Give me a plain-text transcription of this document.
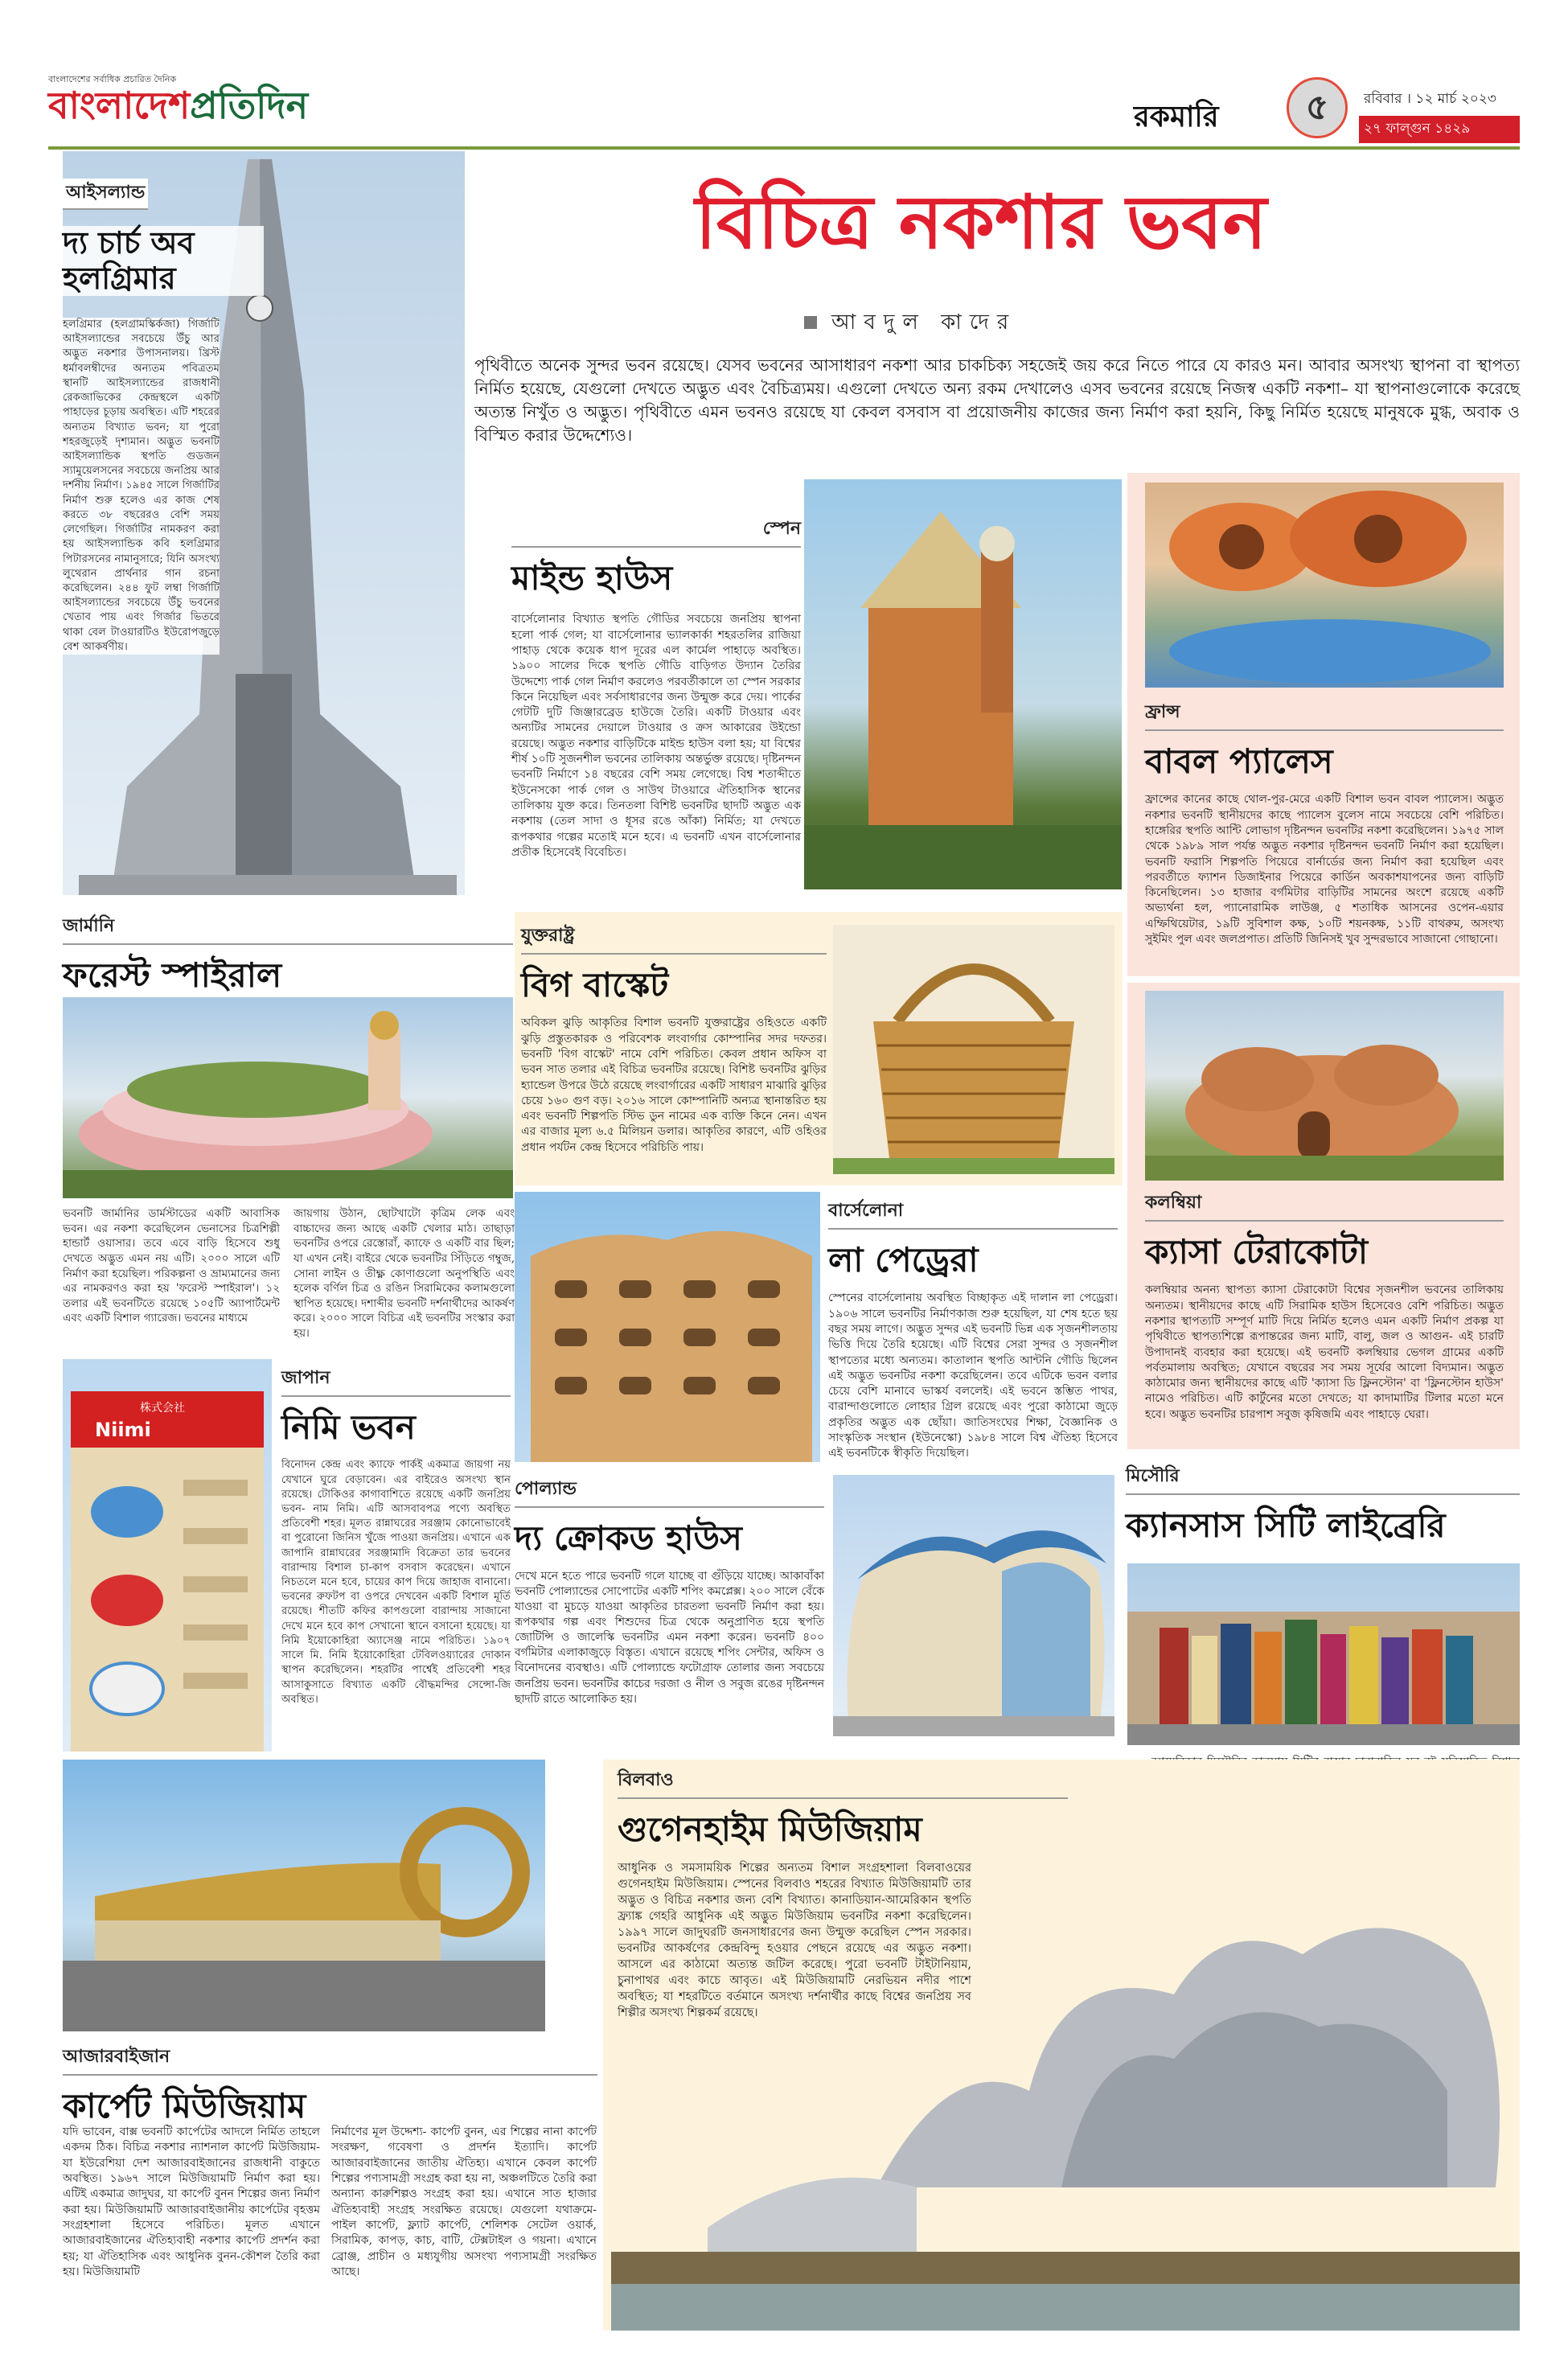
বাংলাদেশের সর্বাধিক প্রচারিত দৈনিক
বাংলাদেশপ্রতিদিন	রকমারি	৫	রবিবার । ১২ মার্চ ২০২৩
২৭ ফাল্গুন ১৪২৯
আইসল্যান্ড
দ্য চার্চ অব হলগ্রিমার
হলগ্রিমার (হলগ্রামস্কির্কজা) গির্জাটি আইসল্যান্ডের সবচেয়ে উঁচু আর অদ্ভুত নকশার উপাসনালয়। খ্রিস্ট ধর্মাবলম্বীদের অন্যতম পবিত্রতম স্থানটি আইসল্যান্ডের রাজধানী রেকজাভিকের কেন্দ্রস্থলে একটি পাহাড়ের চূড়ায় অবস্থিত। এটি শহরের অন্যতম বিখ্যাত ভবন; যা পুরো শহরজুড়েই দৃশ্যমান। অদ্ভুত ভবনটি আইসল্যান্ডিক স্থপতি গুডজন স্যামুয়েলসনের সবচেয়ে জনপ্রিয় আর দর্শনীয় নির্মাণ। ১৯৪৫ সালে গির্জাটির নির্মাণ শুরু হলেও এর কাজ শেষ করতে ৩৮ বছরেরও বেশি সময় লেগেছিল। গির্জাটির নামকরণ করা হয় আইসল্যান্ডিক কবি হলগ্রিমার পিটারসনের নামানুসারে; যিনি অসংখ্য লুথেরান প্রার্থনার গান রচনা করেছিলেন। ২৪৪ ফুট লম্বা গির্জাটি আইসল্যান্ডের সবচেয়ে উঁচু ভবনের খেতাব পায় এবং গির্জার ভিতরে থাকা বেল টাওয়ারটিও ইউরোপজুড়ে বেশ আকর্ষণীয়।
বিচিত্র নকশার ভবন
আবদুল কাদের
পৃথিবীতে অনেক সুন্দর ভবন রয়েছে। যেসব ভবনের আসাধারণ নকশা আর চাকচিক্য সহজেই জয় করে নিতে পারে যে কারও মন। আবার অসংখ্য স্থাপনা বা স্থাপত্য নির্মিত হয়েছে, যেগুলো দেখতে অদ্ভুত এবং বৈচিত্র্যময়। এগুলো দেখতে অন্য রকম দেখালেও এসব ভবনের রয়েছে নিজস্ব একটি নকশা– যা স্থাপনাগুলোকে করেছে অত্যন্ত নিখুঁত ও অদ্ভুত। পৃথিবীতে এমন ভবনও রয়েছে যা কেবল বসবাস বা প্রয়োজনীয় কাজের জন্য নির্মাণ করা হয়নি, কিছু নির্মিত হয়েছে মানুষকে মুগ্ধ, অবাক ও বিস্মিত করার উদ্দেশ্যেও।
স্পেন
মাইন্ড হাউস
বার্সেলোনার বিখ্যাত স্থপতি গৌডির সবচেয়ে জনপ্রিয় স্থাপনা হলো পার্ক গেল; যা বার্সেলোনার ভ্যালকার্কা শহরতলির রাজিয়া পাহাড় থেকে কয়েক ধাপ দূরের এল কার্মেল পাহাড়ে অবস্থিত। ১৯০০ সালের দিকে স্থপতি গৌডি বাড়িগত উদ্যান তৈরির উদ্দেশ্যে পার্ক গেল নির্মাণ করলেও পরবর্তীকালে তা স্পেন সরকার কিনে নিয়েছিল এবং সর্বসাধারণের জন্য উন্মুক্ত করে দেয়। পার্কের গেটটি দুটি জিঞ্জারব্রেড হাউজে তৈরি। একটি টাওয়ার এবং অন্যটির সামনের দেয়ালে টাওয়ার ও ক্রস আকারের উইন্ডো রয়েছে। অদ্ভুত নকশার বাড়িটিকে মাইন্ড হাউস বলা হয়; যা বিশ্বের শীর্ষ ১০টি সুজনশীল ভবনের তালিকায় অন্তর্ভুক্ত রয়েছে। দৃষ্টিনন্দন ভবনটি নির্মাণে ১৪ বছরের বেশি সময় লেগেছে। বিশ্ব শতাব্দীতে ইউনেসকো পার্ক গেল ও সাউথ টাওয়ারে ঐতিহাসিক স্থানের তালিকায় যুক্ত করে। তিনতলা বিশিষ্ট ভবনটির ছাদটি অদ্ভুত এক নকশায় (তেল সাদা ও ধূসর রঙে আঁকা) নির্মিত; যা দেখতে রূপকথার গল্পের মতোই মনে হবে। এ ভবনটি এখন বার্সেলোনার প্রতীক হিসেবেই বিবেচিত।
ফ্রান্স
বাবল প্যালেস
ফ্রান্সের কানের কাছে থোল-পুর-মেরে একটি বিশাল ভবন বাবল প্যালেস। অদ্ভুত নকশার ভবনটি স্থানীয়দের কাছে প্যালেস বুলেস নামে সবচেয়ে বেশি পরিচিত। হাঙ্গেরির স্থপতি আন্টি লোভাগ দৃষ্টিনন্দন ভবনটির নকশা করেছিলেন। ১৯৭৫ সাল থেকে ১৯৮৯ সাল পর্যন্ত অদ্ভুত নকশার দৃষ্টিনন্দন ভবনটি নির্মাণ করা হয়েছিল। ভবনটি ফরাসি শিল্পপতি পিয়েরে বার্নার্ডের জন্য নির্মাণ করা হয়েছিল এবং পরবর্তীতে ফ্যাশন ডিজাইনার পিয়েরে কার্ডিন অবকাশযাপনের জন্য বাড়িটি কিনেছিলেন। ১৩ হাজার বর্গমিটার বাড়িটির সামনের অংশে রয়েছে একটি অভ্যর্থনা হল, প্যানোরামিক লাউঞ্জ, ৫ শতাধিক আসনের ওপেন-এয়ার এম্ফিথিয়েটার, ১৯টি সুবিশাল কক্ষ, ১০টি শয়নকক্ষ, ১১টি বাথরুম, অসংখ্য সুইমিং পুল এবং জলপ্রপাত। প্রতিটি জিনিসই খুব সুন্দরভাবে সাজানো গোছানো।
জার্মানি
ফরেস্ট স্পাইরাল
ভবনটি জার্মানির ডার্মস্টাডের একটি আবাসিক ভবন। এর নকশা করেছিলেন ভেনাসের চিত্রশিল্পী হান্ডার্ট ওয়াসার। তবে এবে বাড়ি হিসেবে শুধু দেখতে অদ্ভুত এমন নয় এটি। ২০০০ সালে এটি নির্মাণ করা হয়েছিল। পরিকল্পনা ও ভ্রাম্যমানের জন্য এর নামকরণও করা হয় 'ফরেস্ট স্পাইরাল'। ১২ তলার এই ভবনটিতে রয়েছে ১০৫টি অ্যাপার্টমেন্ট এবং একটি বিশাল গ্যারেজ। ভবনের মাধ্যমে
জায়গায় উঠান, ছোটখাটো কৃত্রিম লেক এবং বাচ্চাদের জন্য আছে একটি খেলার মাঠ। তাছাড়া ভবনটির ওপরে রেস্তোরাঁ, ক্যাফে ও একটি বার ছিল; যা এখন নেই। বাইরে থেকে ভবনটির সিঁড়িতে গম্বুজ, সোনা লাইন ও তীক্ষ্ণ কোণাগুলো অনুপস্থিতি এবং হলেক বর্ণিল চিত্র ও রঙিন সিরামিকের কলামগুলো স্থাপিত হয়েছে। দশাব্দীর ভবনটি দর্শনার্থীদের আকর্ষণ করে। ২০০০ সালে বিচিত্র এই ভবনটির সংস্কার করা হয়।
যুক্তরাষ্ট্র
বিগ বাস্কেট
অবিকল ঝুড়ি আকৃতির বিশাল ভবনটি যুক্তরাষ্ট্রের ওহিওতে একটি ঝুড়ি প্রস্তুতকারক ও পরিবেশক লংবার্গার কোম্পানির সদর দফতর। ভবনটি 'বিগ বাস্কেট' নামে বেশি পরিচিত। কেবল প্রধান অফিস বা ভবন সাত তলার এই বিচিত্র ভবনটির রয়েছে। বিশিষ্ট ভবনটির ঝুড়ির হ্যান্ডেল উপরে উঠে রয়েছে লংবার্গারের একটি সাধারণ মাঝারি ঝুড়ির চেয়ে ১৬০ গুণ বড়। ২০১৬ সালে কোম্পানিটি অন্যত্র স্থানান্তরিত হয় এবং ভবনটি শিল্পপতি স্টিভ ডুন নামের এক ব্যক্তি কিনে নেন। এখন এর বাজার মূল্য ৬.৫ মিলিয়ন ডলার। আকৃতির কারণে, এটি ওহিওর প্রধান পর্যটন কেন্দ্র হিসেবে পরিচিতি পায়।
কলম্বিয়া
ক্যাসা টেরাকোটা
কলম্বিয়ার অনন্য স্থাপত্য ক্যাসা টেরাকোটা বিশ্বের সৃজনশীল ভবনের তালিকায় অন্যতম। স্থানীয়দের কাছে এটি সিরামিক হাউস হিসেবেও বেশি পরিচিত। অদ্ভুত নকশার স্থাপত্যটি সম্পূর্ণ মাটি দিয়ে নির্মিত হলেও এমন একটি নির্মাণ প্রকল্প যা পৃথিবীতে স্থাপত্যশিল্পে রূপান্তরের জন্য মাটি, বালু, জল ও আগুন- এই চারটি উপাদানই ব্যবহার করা হয়েছে। এই ভবনটি কলম্বিয়ার ভেগল গ্রামের একটি পর্বতমালায় অবস্থিত; যেখানে বছরের সব সময় সূর্যের আলো বিদ্যমান। অদ্ভুত কাঠামোর জন্য স্থানীয়দের কাছে এটি 'ক্যাসা ডি ফ্লিনস্টোন' বা 'ফ্লিনস্টোন হাউস' নামেও পরিচিত। এটি কার্টুনের মতো দেখতে; যা কাদামাটির টিলার মতো মনে হবে। অদ্ভুত ভবনটির চারপাশ সবুজ কৃষিজমি এবং পাহাড়ে ঘেরা।
বার্সেলোনা
লা পেড্রেরা
স্পেনের বার্সেলোনায় অবস্থিত বিচ্ছাকৃত এই দালান লা পেড্রেরা। ১৯০৬ সালে ভবনটির নির্মাণকাজ শুরু হয়েছিল, যা শেষ হতে ছয় বছর সময় লাগে। অদ্ভুত সুন্দর এই ভবনটি ভিন্ন এক সৃজনশীলতায় ভিত্তি দিয়ে তৈরি হয়েছে। এটি বিশ্বের সেরা সুন্দর ও সৃজনশীল স্থাপত্যের মধ্যে অন্যতম। কাতালান স্থপতি আন্টনি গৌডি ছিলেন এই অদ্ভুত ভবনটির নকশা করেছিলেন। তবে এটিকে ভবন বলার চেয়ে বেশি মানাবে ভাস্কর্য বললেই। এই ভবনে স্তম্ভিত পাথর, বারান্দাগুলোতে লোহার গ্রিল রয়েছে এবং পুরো কাঠামো জুড়ে প্রকৃতির অদ্ভুত এক ছোঁয়া। জাতিসংঘের শিক্ষা, বৈজ্ঞানিক ও সাংস্কৃতিক সংস্থান (ইউনেস্কো) ১৯৮৪ সালে বিশ্ব ঐতিহ্য হিসেবে এই ভবনটিকে স্বীকৃতি দিয়েছিল।
株式会社
Niimi
জাপান
নিমি ভবন
বিনোদন কেন্দ্র এবং ক্যাফে পার্কই একমাত্র জায়গা নয় যেখানে ঘুরে বেড়াবেন। এর বাইরেও অসংখ্য স্থান রয়েছে। টোকিওর কাগাবাশিতে রয়েছে একটি জনপ্রিয় ভবন- নাম নিমি। এটি আসবাবপত্র পণ্যে অবস্থিত প্রতিবেশী শহর। মূলত রান্নাঘরের সরঞ্জাম কোনোভাবেই বা পুরোনো জিনিস খুঁজে পাওয়া জনপ্রিয়। এখানে এক জাপানি রান্নাঘরের সরঞ্জামাদি বিক্রেতা তার ভবনের বারান্দায় বিশাল চা-কাপ বসবাস করেছেন। এখানে নিচতলে মনে হবে, চায়ের কাপ দিয়ে জাহাজ বানানো। ভবনের রুফটপ বা ওপরে দেখবেন একটি বিশাল মূর্তি রয়েছে। শীতটি কফির কাপগুলো বারান্দায় সাজানো দেখে মনে হবে কাপ সেখানো স্থানে বসানো হয়েছে। যা নিমি ইয়োকোহিরা অ্যাসেঞ্জ নামে পরিচিত। ১৯০৭ সালে মি. নিমি ইয়োকোহিরা টেবিলওয়্যারের দোকান স্থাপন করেছিলেন। শহরটির পার্শ্বেই প্রতিবেশী শহর আসাকুসাতে বিখ্যাত একটি বৌদ্ধমন্দির সেন্সো-জি অবস্থিত।
পোল্যান্ড
দ্য ক্রোকড হাউস
দেখে মনে হতে পারে ভবনটি গলে যাচ্ছে বা গুঁড়িয়ে যাচ্ছে। আকাবাঁকা ভবনটি পোল্যান্ডের সোপোটের একটি শপিং কমপ্লেক্স। ২০০ সালে বেঁকে যাওয়া বা মুচড়ে যাওয়া আকৃতির চারতলা ভবনটি নির্মাণ করা হয়। রূপকথার গল্প এবং শিশুদের চিত্র থেকে অনুপ্রাণিত হয়ে স্থপতি জোটিন্সি ও জালেস্কি ভবনটির এমন নকশা করেন। ভবনটি ৪০০ বর্গমিটার এলাকাজুড়ে বিস্তৃত। এখানে রয়েছে শপিং সেন্টার, অফিস ও বিনোদনের ব্যবস্থাও। এটি পোল্যান্ডে ফটোগ্রাফ তোলার জন্য সবচেয়ে জনপ্রিয় ভবন। ভবনটির কাচের দরজা ও নীল ও সবুজ রঙের দৃষ্টিনন্দন ছাদটি রাতে আলোকিত হয়।
মিসৌরি
ক্যানসাস সিটি লাইব্রেরি
বিলবাও
গুগেনহাইম মিউজিয়াম
আধুনিক ও সমসাময়িক শিল্পের অন্যতম বিশাল সংগ্রহশালা বিলবাওয়ের গুগেনহাইম মিউজিয়াম। স্পেনের বিলবাও শহরের বিখ্যাত মিউজিয়ামটি তার অদ্ভুত ও বিচিত্র নকশার জন্য বেশি বিখ্যাত। কানাডিয়ান-আমেরিকান স্থপতি ফ্র্যাঙ্ক গেহরি আধুনিক এই অদ্ভুত মিউজিয়াম ভবনটির নকশা করেছিলেন। ১৯৯৭ সালে জাদুঘরটি জনসাধারণের জন্য উন্মুক্ত করেছিল স্পেন সরকার। ভবনটির আকর্ষণের কেন্দ্রবিন্দু হওয়ার পেছনে রয়েছে এর অদ্ভুত নকশা। আসলে এর কাঠামো অত্যন্ত জটিল করেছে। পুরো ভবনটি টাইটানিয়াম, চুনাপাথর এবং কাচে আবৃত। এই মিউজিয়ামটি নেরভিয়ন নদীর পাশে অবস্থিত; যা শহরটিতে বর্তমানে অসংখ্য দর্শনার্থীর কাছে বিশ্বের জনপ্রিয় সব শিল্পীর অসংখ্য শিল্পকর্ম রয়েছে।
আজারবাইজান
কার্পেট মিউজিয়াম
যদি ভাবেন, বাক্স ভবনটি কার্পেটের আদলে নির্মিত তাহলে একদম ঠিক। বিচিত্র নকশার ন্যাশনাল কার্পেট মিউজিয়াম- যা ইউরেশিয়া দেশ আজারবাইজানের রাজধানী বাকুতে অবস্থিত। ১৯৬৭ সালে মিউজিয়ামটি নির্মাণ করা হয়। এটিই একমাত্র জাদুঘর, যা কার্পেট বুনন শিল্পের জন্য নির্মাণ করা হয়। মিউজিয়ামটি আজারবাইজানীয় কার্পেটের বৃহত্তম সংগ্রহশালা হিসেবে পরিচিত। মূলত এখানে আজারবাইজানের ঐতিহ্যবাহী নকশার কার্পেট প্রদর্শন করা হয়; যা ঐতিহাসিক এবং আধুনিক বুনন-কৌশল তৈরি করা হয়। মিউজিয়ামটি
নির্মাণের মূল উদ্দেশ্য- কার্পেট বুনন, এর শিল্পের নানা কার্পেট সংরক্ষণ, গবেষণা ও প্রদর্শন ইত্যাদি। কার্পেট আজারবাইজানের জাতীয় ঐতিহ্য। এখানে কেবল কার্পেট শিল্পের পণ্যসামগ্রী সংগ্রহ করা হয় না, অঞ্চলটিতে তৈরি করা অন্যান্য কারুশিল্পও সংগ্রহ করা হয়। এখানে সাত হাজার ঐতিহ্যবাহী সংগ্রহ সংরক্ষিত রয়েছে। যেগুলো যথাক্রমে- পাইল কার্পেট, ফ্ল্যাট কার্পেট, শেলিশক সেটেল ওয়ার্ক, সিরামিক, কাপড়, কাচ, বাটি, টেক্সটাইল ও গয়না। এখানে ব্রোঞ্জ, প্রাচীন ও মধ্যযুগীয় অসংখ্য পণ্যসামগ্রী সংরক্ষিত আছে।
